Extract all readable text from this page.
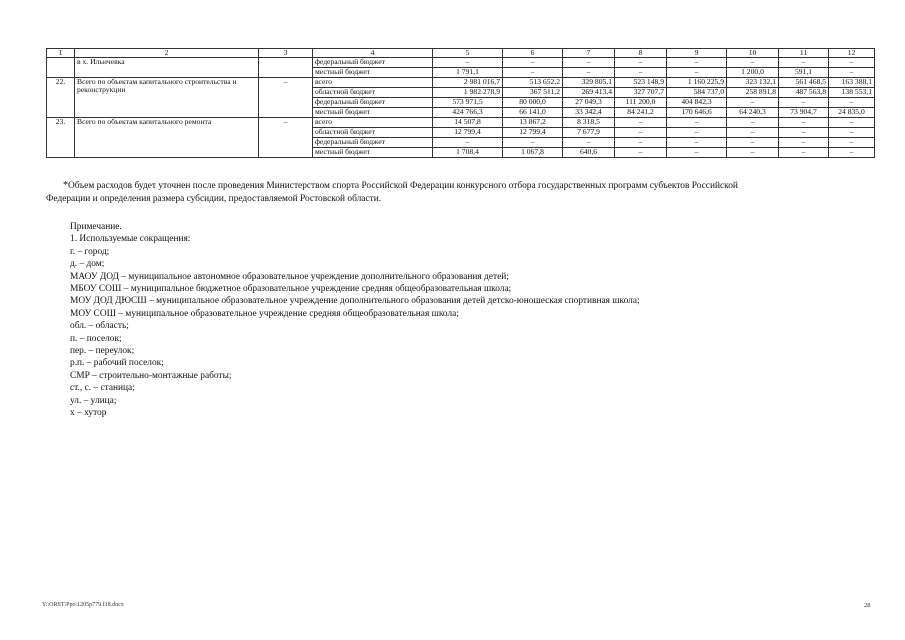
1	2	3	4	5	6	7	8	9	10	11	12
	в х. Ильичевка		федеральный бюджет	–	–	–	–	–	–	–	–
			местный бюджет	1 791,1	–	–	–	–	1 200,0	591,1	–
22.	Всего по объектам капитального строительства и реконструкции	–	всего	2 981 016,7	513 652,2	329 805,1	523 148,9	1 160 225,9	323 132,1	561 468,5	163 388,1
			областной бюджет	1 982 278,9	367 511,2	269 413,4	327 707,7	584 737,0	258 891,8	487 563,8	138 553,1
			федеральный бюджет	573 971,5	80 000,0	27 049,3	111 200,0	404 842,3	–	–	–
			местный бюджет	424 766,3	66 141,0	33 342,4	84 241,2	170 646,6	64 240,3	73 904,7	24 835,0
23.	Всего по объектам капитального ремонта	–	всего	14 507,8	13 867,2	8 318,5	–	–	–	–	–
			областной бюджет	12 799,4	12 799,4	7 677,9	–	–	–	–	–
			федеральный бюджет	–	–	–	–	–	–	–	–
			местный бюджет	1 708,4	1 067,8	640,6	–	–	–	–	–
*Объем расходов будет уточнен после проведения Министерством спорта Российской Федерации конкурсного отбора государственных программ субъектов Российской
Федерации и определения размера субсидии, предоставляемой Ростовской области.
Примечание.
1. Используемые сокращения:
г. – город;
д. – дом;
МАОУ ДОД – муниципальное автономное образовательное учреждение дополнительного образования детей;
МБОУ СОШ – муниципальное бюджетное образовательное учреждение средняя общеобразовательная школа;
МОУ ДОД ДЮСШ – муниципальное образовательное учреждение дополнительного образования детей детско-юношеская спортивная школа;
МОУ СОШ – муниципальное образовательное учреждение средняя общеобразовательная школа;
обл. – область;
п. – поселок;
пер. – переулок;
р.п. – рабочий поселок;
СМР – строительно-монтажные работы;
ст., с. – станица;
ул. – улица;
х – хутор
Y:\ORST\Ppo\1205p779.f18.docx	28
